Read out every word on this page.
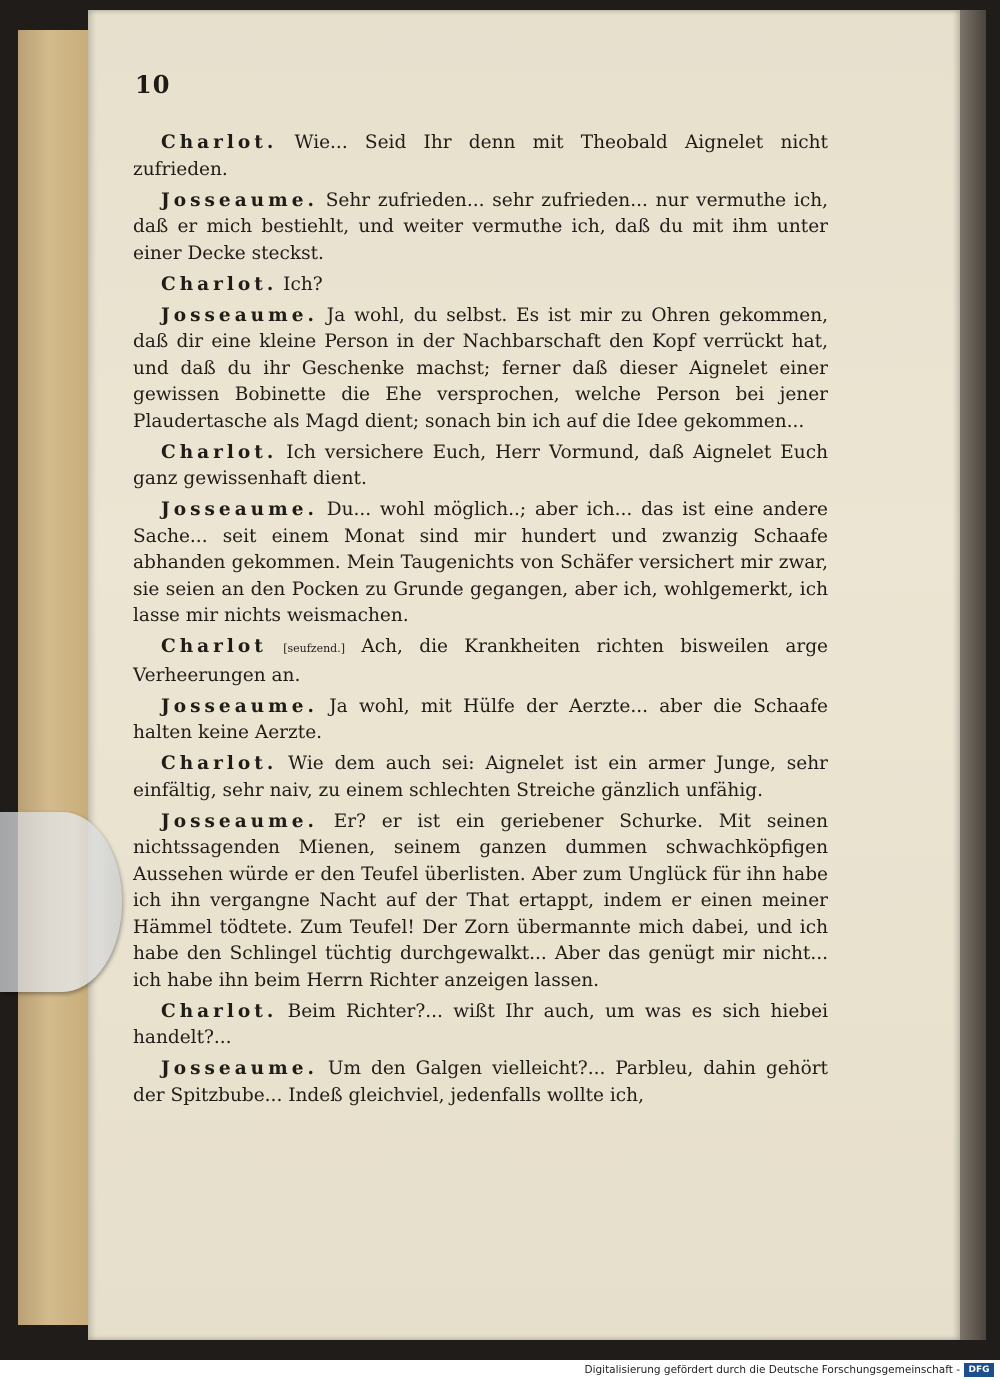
10

Charlot. Wie... Seid Ihr denn mit Theobald Aignelet nicht zufrieden.

Josseaume. Sehr zufrieden... sehr zufrieden... nur vermuthe ich, daß er mich bestiehlt, und weiter vermuthe ich, daß du mit ihm unter einer Decke steckst.

Charlot. Ich?

Josseaume. Ja wohl, du selbst. Es ist mir zu Ohren gekommen, daß dir eine kleine Person in der Nachbarschaft den Kopf verrückt hat, und daß du ihr Geschenke machst; ferner daß dieser Aignelet einer gewissen Bobinette die Ehe versprochen, welche Person bei jener Plaudertasche als Magd dient; sonach bin ich auf die Idee gekommen...

Charlot. Ich versichere Euch, Herr Vormund, daß Aignelet Euch ganz gewissenhaft dient.

Josseaume. Du... wohl möglich..; aber ich... das ist eine andere Sache... seit einem Monat sind mir hundert und zwanzig Schaafe abhanden gekommen. Mein Taugenichts von Schäfer versichert mir zwar, sie seien an den Pocken zu Grunde gegangen, aber ich, wohlgemerkt, ich lasse mir nichts weismachen.

Charlot [seufzend.] Ach, die Krankheiten richten bisweilen arge Verheerungen an.

Josseaume. Ja wohl, mit Hülfe der Aerzte... aber die Schaafe halten keine Aerzte.

Charlot. Wie dem auch sei: Aignelet ist ein armer Junge, sehr einfältig, sehr naiv, zu einem schlechten Streiche gänzlich unfähig.

Josseaume. Er? er ist ein geriebener Schurke. Mit seinen nichtssagenden Mienen, seinem ganzen dummen schwachköpfigen Aussehen würde er den Teufel überlisten. Aber zum Unglück für ihn habe ich ihn vergangne Nacht auf der That ertappt, indem er einen meiner Hämmel tödtete. Zum Teufel! Der Zorn übermannte mich dabei, und ich habe den Schlingel tüchtig durchgewalkt... Aber das genügt mir nicht... ich habe ihn beim Herrn Richter anzeigen lassen.

Charlot. Beim Richter?... wißt Ihr auch, um was es sich hiebei handelt?...

Josseaume. Um den Galgen vielleicht?... Parbleu, dahin gehört der Spitzbube... Indeß gleichviel, jedenfalls wollte ich,

Digitalisierung gefördert durch die Deutsche Forschungsgemeinschaft - DFG
